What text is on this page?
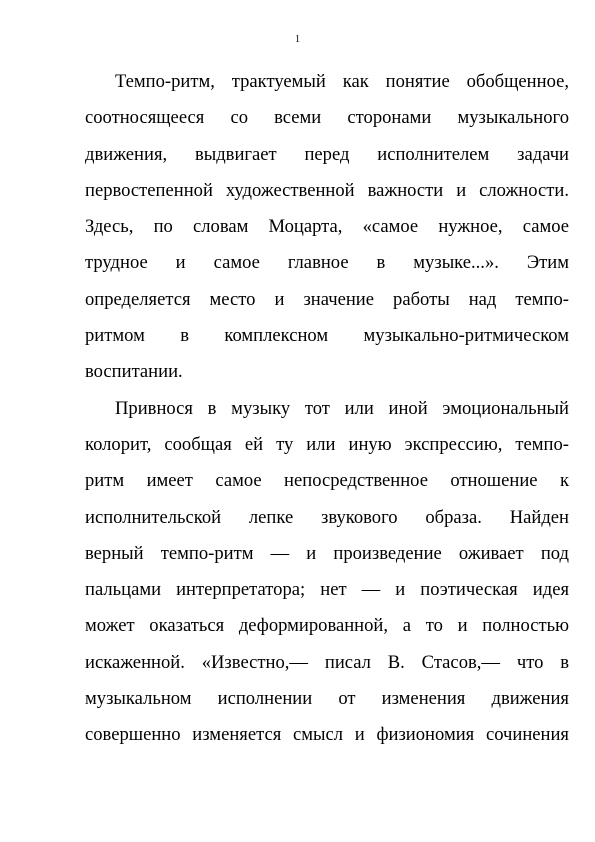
1
Темпо-ритм, трактуемый как понятие обобщенное,
соотносящееся со всеми сторонами музыкального
движения, выдвигает перед исполнителем задачи
первостепенной художественной важности и сложности.
Здесь, по словам Моцарта, «самое нужное, самое
трудное и самое главное в музыке...». Этим
определяется место и значение работы над темпо-
ритмом в комплексном музыкально-ритмическом
воспитании.
Привнося в музыку тот или иной эмоциональный
колорит, сообщая ей ту или иную экспрессию, темпо-
ритм имеет самое непосредственное отношение к
исполнительской лепке звукового образа. Найден
верный темпо-ритм — и произведение оживает под
пальцами интерпретатора; нет — и поэтическая идея
может оказаться деформированной, а то и полностью
искаженной. «Известно,— писал В. Стасов,— что в
музыкальном исполнении от изменения движения
совершенно изменяется смысл и физиономия сочинения
